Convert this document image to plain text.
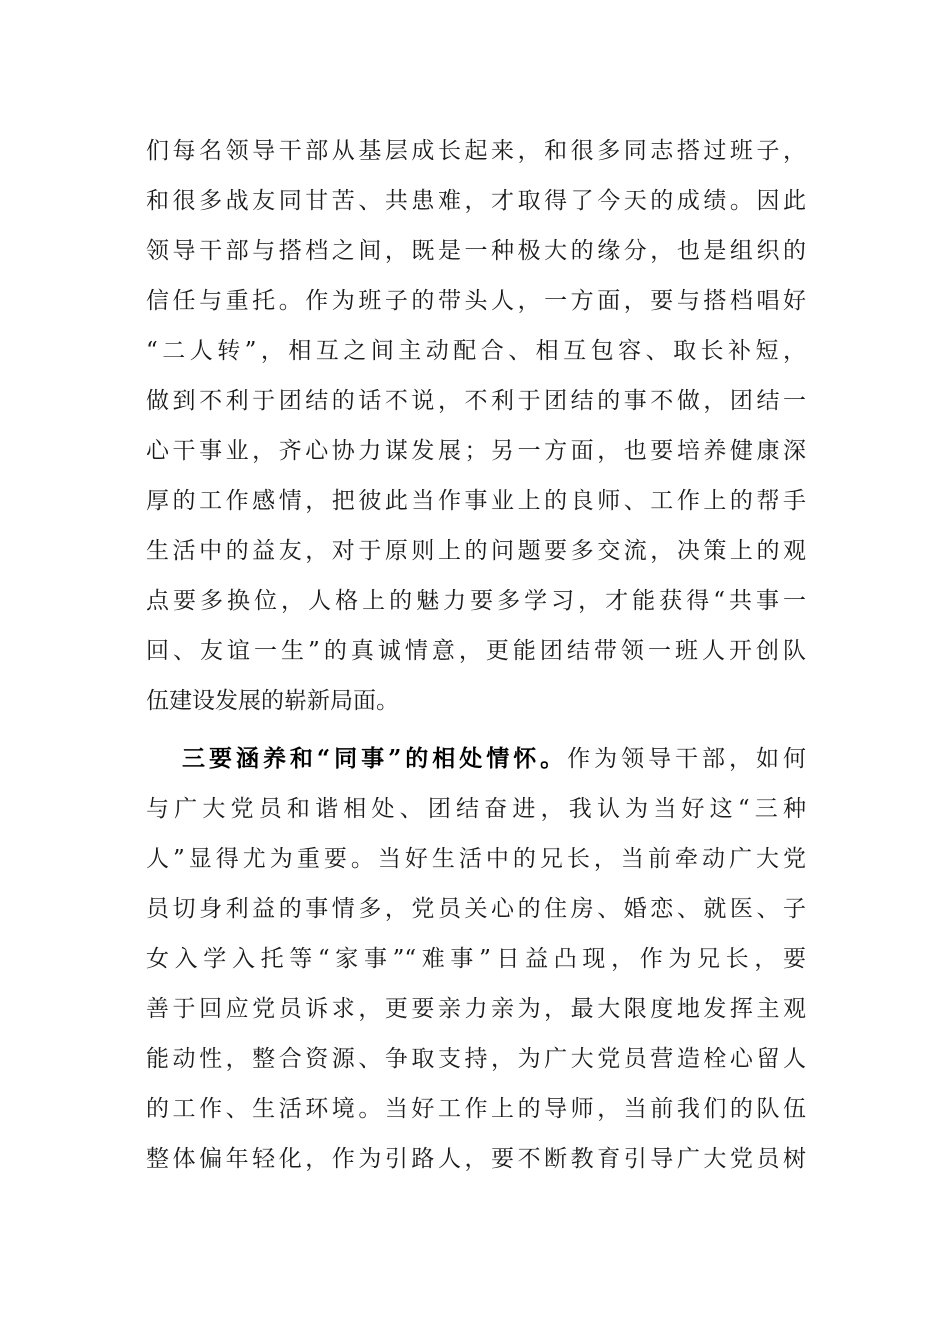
们每名领导干部从基层成长起来，和很多同志搭过班子，
和很多战友同甘苦、共患难，才取得了今天的成绩。因此
领导干部与搭档之间，既是一种极大的缘分，也是组织的
信任与重托。作为班子的带头人，一方面，要与搭档唱好
“二人转”，相互之间主动配合、相互包容、取长补短，
做到不利于团结的话不说，不利于团结的事不做，团结一
心干事业，齐心协力谋发展；另一方面，也要培养健康深
厚的工作感情，把彼此当作事业上的良师、工作上的帮手
生活中的益友，对于原则上的问题要多交流，决策上的观
点要多换位，人格上的魅力要多学习，才能获得“共事一
回、友谊一生”的真诚情意，更能团结带领一班人开创队
伍建设发展的崭新局面。
三要涵养和“同事”的相处情怀。作为领导干部，如何
与广大党员和谐相处、团结奋进，我认为当好这“三种
人”显得尤为重要。当好生活中的兄长，当前牵动广大党
员切身利益的事情多，党员关心的住房、婚恋、就医、子
女入学入托等“家事”“难事”日益凸现，作为兄长，要
善于回应党员诉求，更要亲力亲为，最大限度地发挥主观
能动性，整合资源、争取支持，为广大党员营造栓心留人
的工作、生活环境。当好工作上的导师，当前我们的队伍
整体偏年轻化，作为引路人，要不断教育引导广大党员树
